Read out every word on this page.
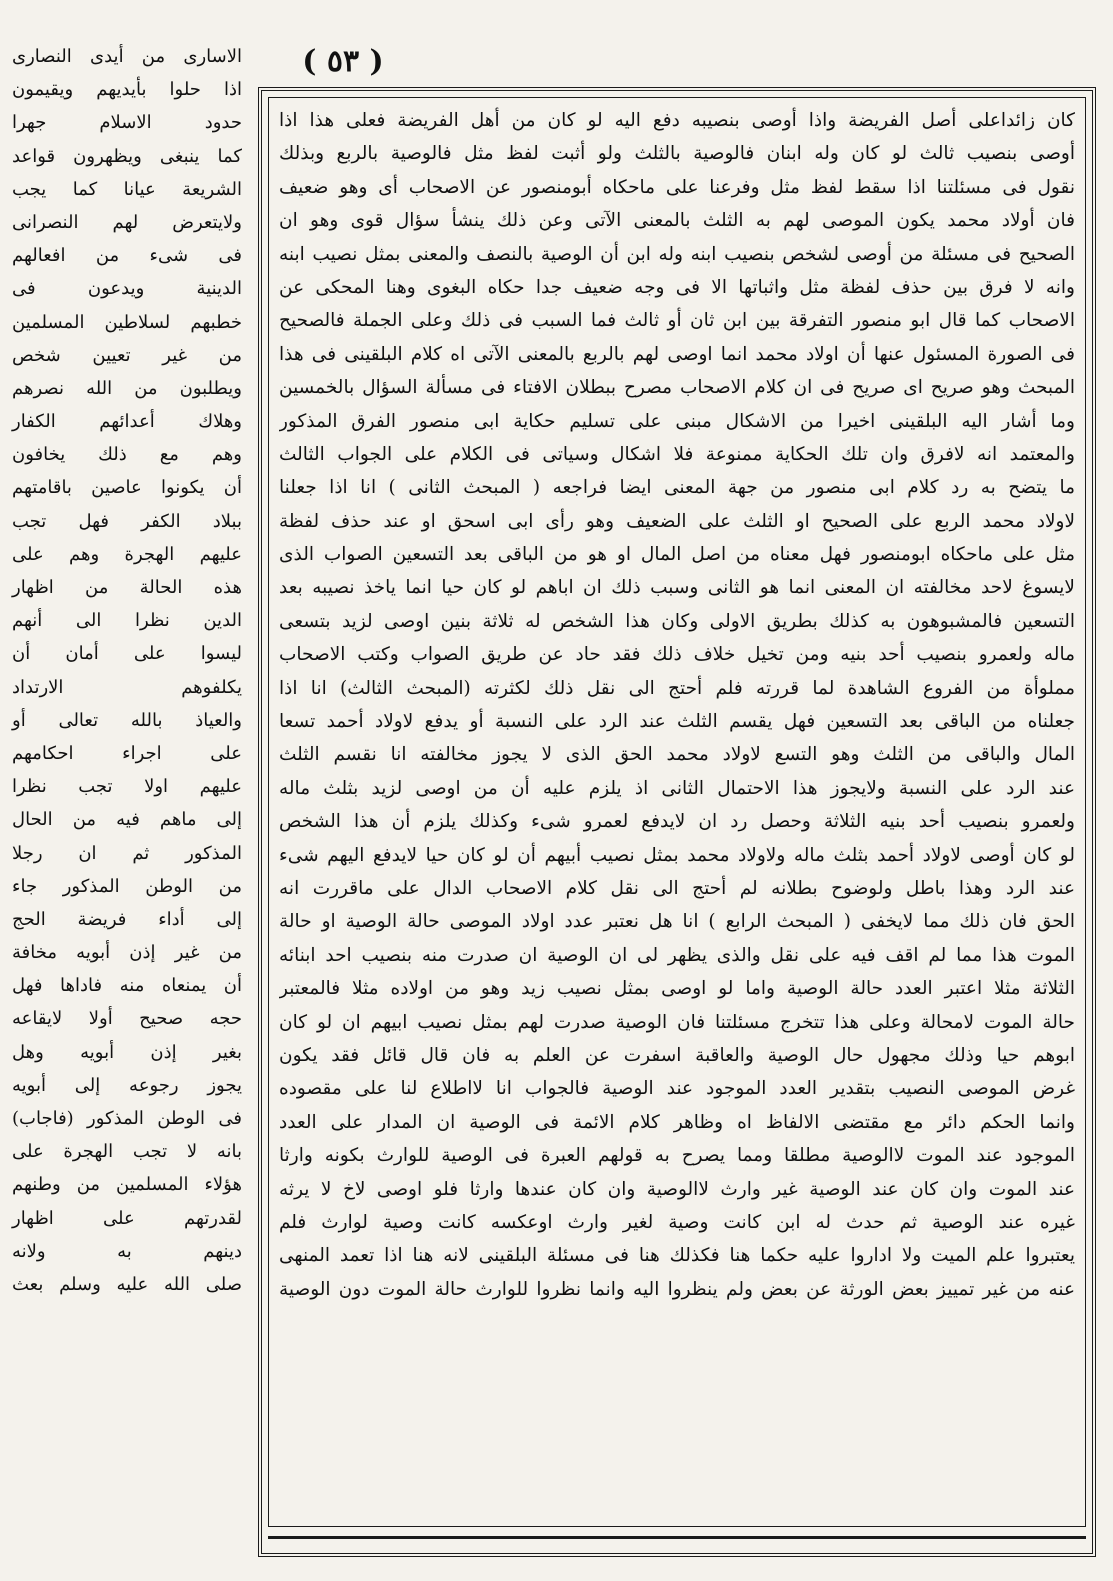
( ٥٣ )
الاسارى من أيدى النصارى
اذا حلوا بأيديهم ويقيمون
حدود الاسلام جهرا
كما ينبغى ويظهرون قواعد
الشريعة عيانا كما يجب
ولايتعرض لهم النصرانى
فى شىء من افعالهم
الدينية ويدعون فى
خطبهم لسلاطين المسلمين
من غير تعيين شخص
ويطلبون من الله نصرهم
وهلاك أعدائهم الكفار
وهم مع ذلك يخافون
أن يكونوا عاصين باقامتهم
ببلاد الكفر فهل تجب
عليهم الهجرة وهم على
هذه الحالة من اظهار
الدين نظرا الى أنهم
ليسوا على أمان أن
يكلفوهم الارتداد
والعياذ بالله تعالى أو
على اجراء احكامهم
عليهم اولا تجب نظرا
إلى ماهم فيه من الحال
المذكور ثم ان رجلا
من الوطن المذكور جاء
إلى أداء فريضة الحج
من غير إذن أبويه مخافة
أن يمنعاه منه فاداها فهل
حجه صحيح أولا لايقاعه
بغير إذن أبويه وهل
يجوز رجوعه إلى أبويه
فى الوطن المذكور (فاجاب)
بانه لا تجب الهجرة على
هؤلاء المسلمين من وطنهم
لقدرتهم على اظهار
دينهم به ولانه
صلى الله عليه وسلم بعث
كان زائداعلى أصل الفريضة واذا أوصى بنصيبه دفع اليه لو كان من أهل الفريضة فعلى هذا اذا
أوصى بنصيب ثالث لو كان وله ابنان فالوصية بالثلث ولو أثبت لفظ مثل فالوصية بالربع وبذلك
نقول فى مسئلتنا اذا سقط لفظ مثل وفرعنا على ماحكاه أبومنصور عن الاصحاب أى وهو ضعيف
فان أولاد محمد يكون الموصى لهم به الثلث بالمعنى الآتى وعن ذلك ينشأ سؤال قوى وهو ان
الصحيح فى مسئلة من أوصى لشخص بنصيب ابنه وله ابن أن الوصية بالنصف والمعنى بمثل نصيب ابنه
وانه لا فرق بين حذف لفظة مثل واثباتها الا فى وجه ضعيف جدا حكاه البغوى وهنا المحكى عن
الاصحاب كما قال ابو منصور التفرقة بين ابن ثان أو ثالث فما السبب فى ذلك وعلى الجملة فالصحيح
فى الصورة المسئول عنها أن اولاد محمد انما اوصى لهم بالربع بالمعنى الآتى اه كلام البلقينى فى هذا
المبحث وهو صريح اى صريح فى ان كلام الاصحاب مصرح ببطلان الافتاء فى مسألة السؤال بالخمسين
وما أشار اليه البلقينى اخيرا من الاشكال مبنى على تسليم حكاية ابى منصور الفرق المذكور
والمعتمد انه لافرق وان تلك الحكاية ممنوعة فلا اشكال وسياتى فى الكلام على الجواب الثالث
ما يتضح به رد كلام ابى منصور من جهة المعنى ايضا فراجعه ( المبحث الثانى ) انا اذا جعلنا
لاولاد محمد الربع على الصحيح او الثلث على الضعيف وهو رأى ابى اسحق او عند حذف لفظة
مثل على ماحكاه ابومنصور فهل معناه من اصل المال او هو من الباقى بعد التسعين الصواب الذى
لايسوغ لاحد مخالفته ان المعنى انما هو الثانى وسبب ذلك ان اباهم لو كان حيا انما ياخذ نصيبه بعد
التسعين فالمشبوهون به كذلك بطريق الاولى وكان هذا الشخص له ثلاثة بنين اوصى لزيد بتسعى
ماله ولعمرو بنصيب أحد بنيه ومن تخيل خلاف ذلك فقد حاد عن طريق الصواب وكتب الاصحاب
مملوأة من الفروع الشاهدة لما قررته فلم أحتج الى نقل ذلك لكثرته (المبحث الثالث) انا اذا
جعلناه من الباقى بعد التسعين فهل يقسم الثلث عند الرد على النسبة أو يدفع لاولاد أحمد تسعا
المال والباقى من الثلث وهو التسع لاولاد محمد الحق الذى لا يجوز مخالفته انا نقسم الثلث
عند الرد على النسبة ولايجوز هذا الاحتمال الثانى اذ يلزم عليه أن من اوصى لزيد بثلث ماله
ولعمرو بنصيب أحد بنيه الثلاثة وحصل رد ان لايدفع لعمرو شىء وكذلك يلزم أن هذا الشخص
لو كان أوصى لاولاد أحمد بثلث ماله ولاولاد محمد بمثل نصيب أبيهم أن لو كان حيا لايدفع اليهم شىء
عند الرد وهذا باطل ولوضوح بطلانه لم أحتج الى نقل كلام الاصحاب الدال على ماقررت انه
الحق فان ذلك مما لايخفى ( المبحث الرابع ) انا هل نعتبر عدد اولاد الموصى حالة الوصية او حالة
الموت هذا مما لم اقف فيه على نقل والذى يظهر لى ان الوصية ان صدرت منه بنصيب احد ابنائه
الثلاثة مثلا اعتبر العدد حالة الوصية واما لو اوصى بمثل نصيب زيد وهو من اولاده مثلا فالمعتبر
حالة الموت لامحالة وعلى هذا تتخرج مسئلتنا فان الوصية صدرت لهم بمثل نصيب ابيهم ان لو كان
ابوهم حيا وذلك مجهول حال الوصية والعاقبة اسفرت عن العلم به فان قال قائل فقد يكون
غرض الموصى النصيب بتقدير العدد الموجود عند الوصية فالجواب انا لااطلاع لنا على مقصوده
وانما الحكم دائر مع مقتضى الالفاظ اه وظاهر كلام الائمة فى الوصية ان المدار على العدد
الموجود عند الموت لاالوصية مطلقا ومما يصرح به قولهم العبرة فى الوصية للوارث بكونه وارثا
عند الموت وان كان عند الوصية غير وارث لاالوصية وان كان عندها وارثا فلو اوصى لاخ لا يرثه
غيره عند الوصية ثم حدث له ابن كانت وصية لغير وارث اوعكسه كانت وصية لوارث فلم
يعتبروا علم الميت ولا اداروا عليه حكما هنا فكذلك هنا فى مسئلة البلقينى لانه هنا اذا تعمد المنهى
عنه من غير تمييز بعض الورثة عن بعض ولم ينظروا اليه وانما نظروا للوارث حالة الموت دون الوصية
